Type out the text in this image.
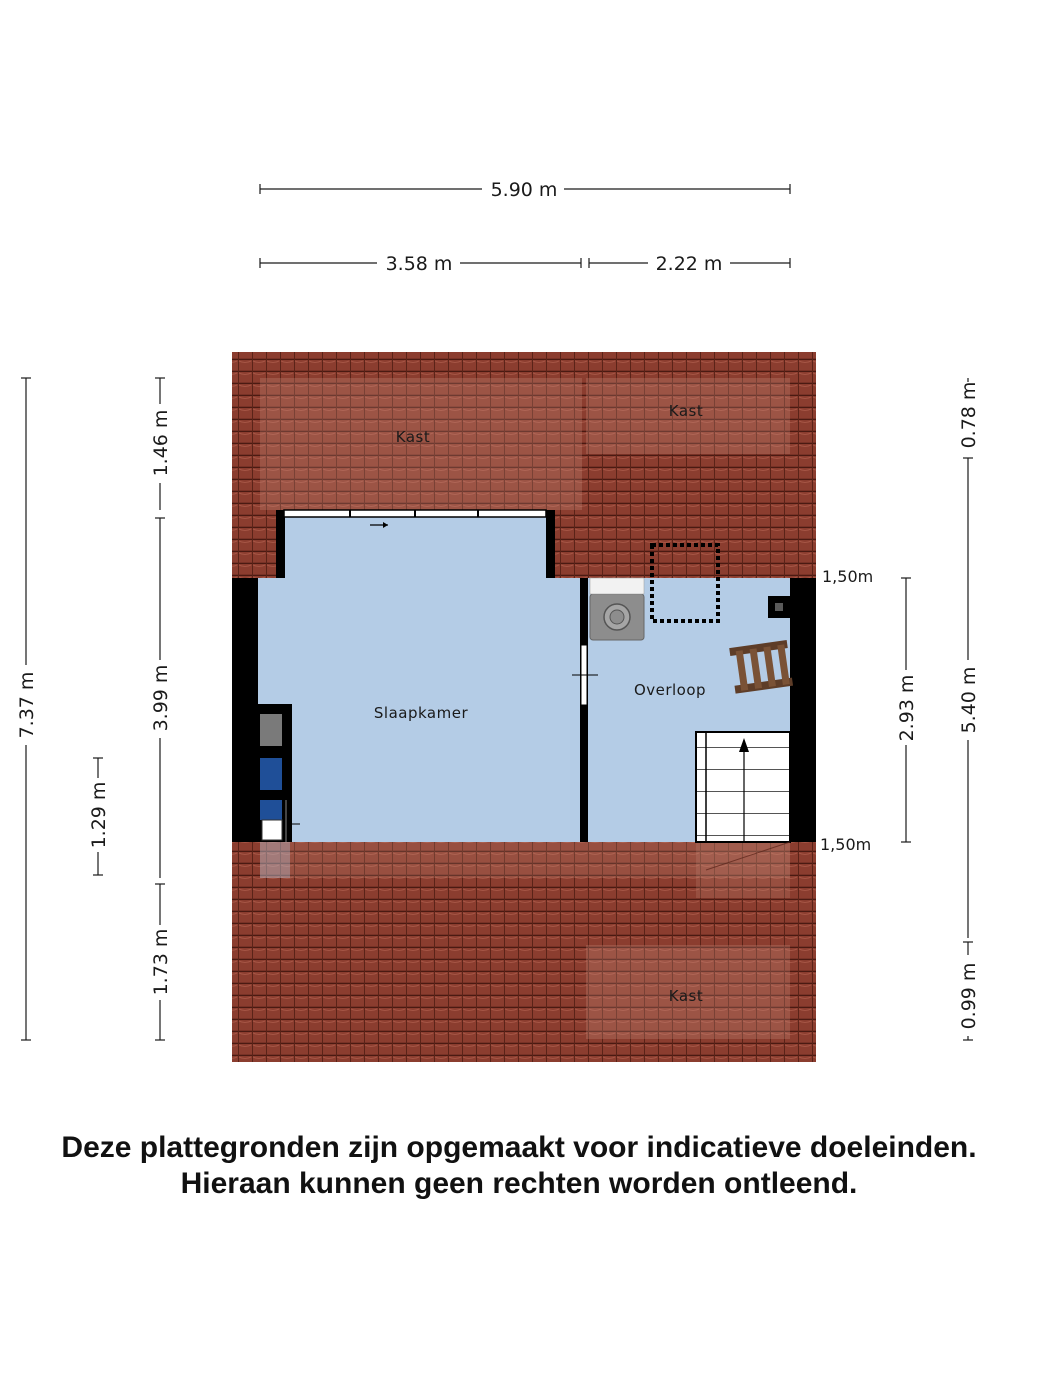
5.90 m
3.58 m	2.22 m
7.37 m
1.46 m
3.99 m
1.73 m
1.29 m
0.78 m
5.40 m
0.99 m
2.93 m
1,50m
1,50m
Kast
Kast
Kast
Slaapkamer
Overloop
Deze plattegronden zijn opgemaakt voor indicatieve doeleinden.
Hieraan kunnen geen rechten worden ontleend.
